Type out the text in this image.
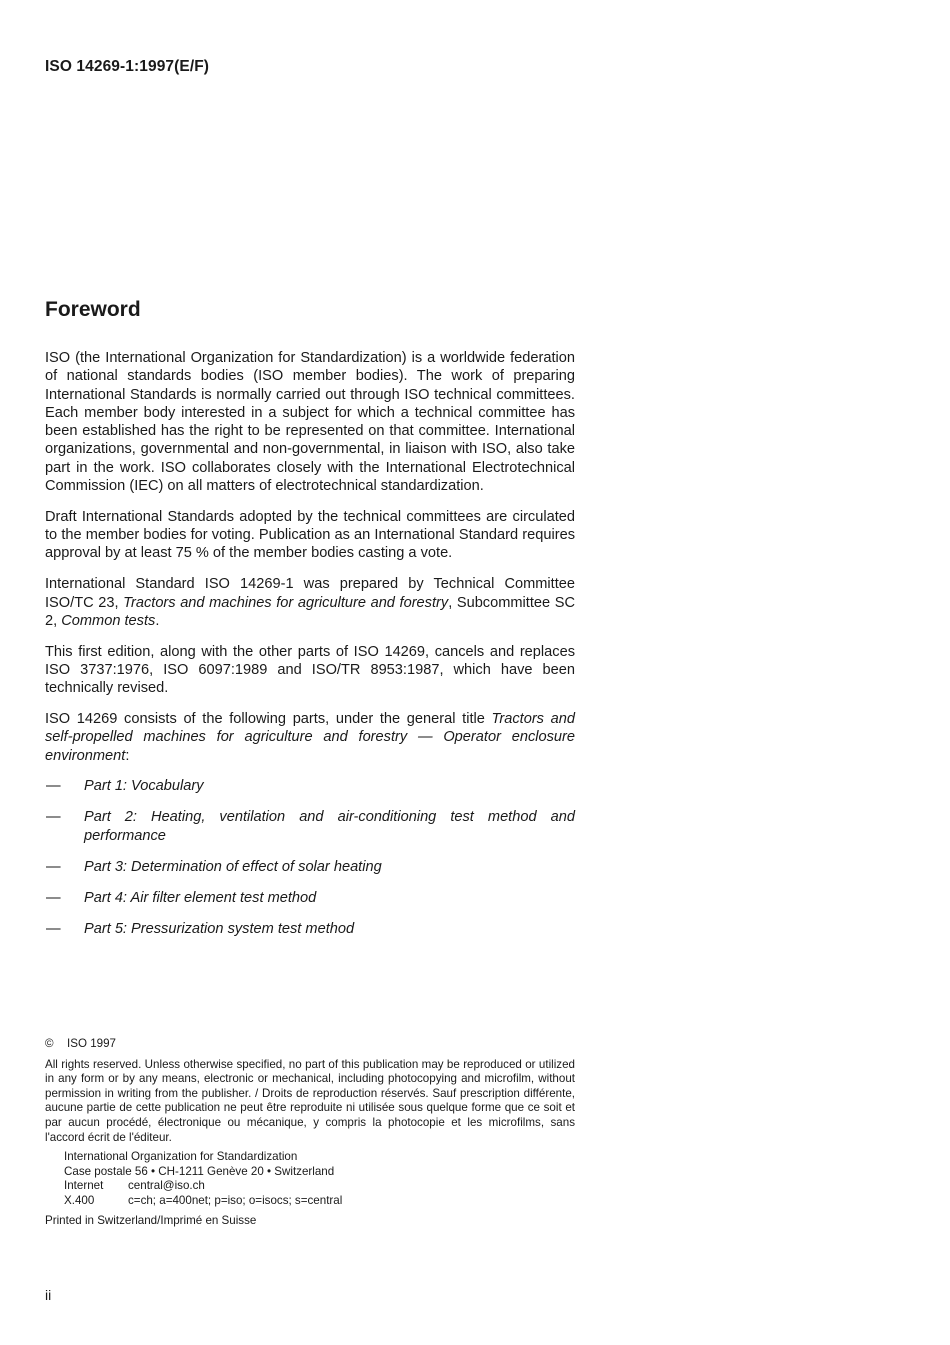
ISO 14269-1:1997(E/F)
Foreword

ISO (the International Organization for Standardization) is a worldwide federation of national standards bodies (ISO member bodies). The work of preparing International Standards is normally carried out through ISO technical committees. Each member body interested in a subject for which a technical committee has been established has the right to be represented on that committee. International organizations, governmental and non-governmental, in liaison with ISO, also take part in the work. ISO collaborates closely with the International Electrotechnical Commission (IEC) on all matters of electrotechnical standardization.

Draft International Standards adopted by the technical committees are circulated to the member bodies for voting. Publication as an International Standard requires approval by at least 75 % of the member bodies casting a vote.

International Standard ISO 14269-1 was prepared by Technical Committee ISO/TC 23, Tractors and machines for agriculture and forestry, Subcommittee SC 2, Common tests.

This first edition, along with the other parts of ISO 14269, cancels and replaces ISO 3737:1976, ISO 6097:1989 and ISO/TR 8953:1987, which have been technically revised.

ISO 14269 consists of the following parts, under the general title Tractors and self-propelled machines for agriculture and forestry — Operator enclosure environment:

— Part 1: Vocabulary
— Part 2: Heating, ventilation and air-conditioning test method and performance
— Part 3: Determination of effect of solar heating
— Part 4: Air filter element test method
— Part 5: Pressurization system test method

© ISO 1997

All rights reserved. Unless otherwise specified, no part of this publication may be reproduced or utilized in any form or by any means, electronic or mechanical, including photocopying and microfilm, without permission in writing from the publisher. / Droits de reproduction réservés. Sauf prescription différente, aucune partie de cette publication ne peut être reproduite ni utilisée sous quelque forme que ce soit et par aucun procédé, électronique ou mécanique, y compris la photocopie et les microfilms, sans l'accord écrit de l'éditeur.

International Organization for Standardization
Case postale 56 • CH-1211 Genève 20 • Switzerland
Internet central@iso.ch
X.400	c=ch; a=400net; p=iso; o=isocs; s=central

Printed in Switzerland/Imprimé en Suisse

ii
